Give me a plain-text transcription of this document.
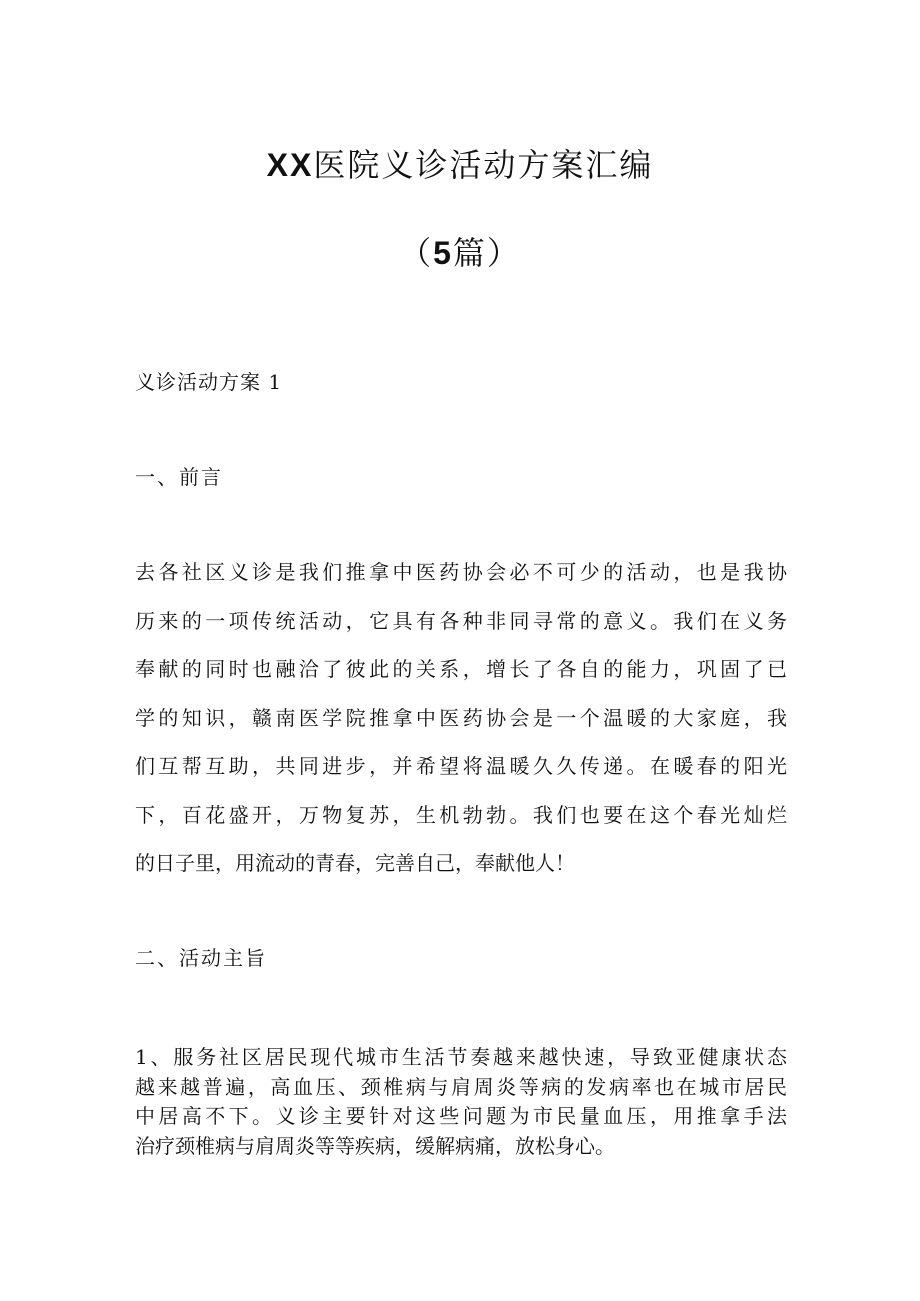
XX医院义诊活动方案汇编
（5篇）
义诊活动方案 1
一、前言
去各社区义诊是我们推拿中医药协会必不可少的活动，也是我协
历来的一项传统活动，它具有各种非同寻常的意义。我们在义务
奉献的同时也融洽了彼此的关系，增长了各自的能力，巩固了已
学的知识，赣南医学院推拿中医药协会是一个温暖的大家庭，我
们互帮互助，共同进步，并希望将温暖久久传递。在暖春的阳光
下，百花盛开，万物复苏，生机勃勃。我们也要在这个春光灿烂
的日子里，用流动的青春，完善自己，奉献他人！
二、活动主旨
1、服务社区居民现代城市生活节奏越来越快速，导致亚健康状态
越来越普遍，高血压、颈椎病与肩周炎等病的发病率也在城市居民
中居高不下。义诊主要针对这些问题为市民量血压，用推拿手法
治疗颈椎病与肩周炎等等疾病，缓解病痛，放松身心。
